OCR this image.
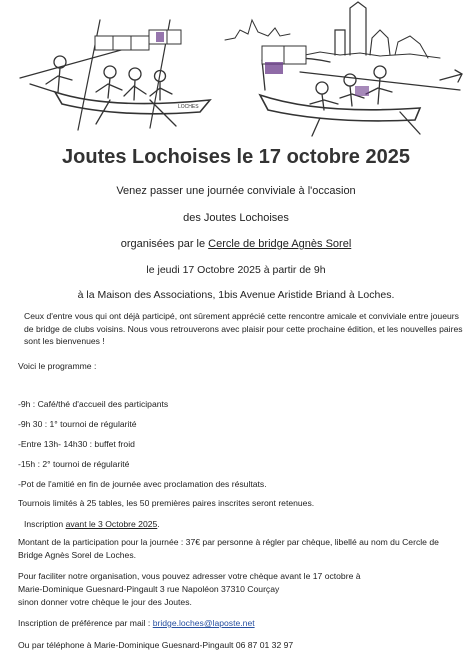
LOCHES
Joutes Lochoises le 17 octobre 2025
Venez passer une journée conviviale à l'occasion
des Joutes Lochoises
organisées par le Cercle de bridge Agnès Sorel
le jeudi 17 Octobre 2025 à partir de 9h
à la Maison des Associations, 1bis Avenue Aristide Briand à Loches.
Ceux d'entre vous qui ont déjà participé, ont sûrement apprécié cette rencontre amicale et conviviale entre joueurs de bridge de clubs voisins. Nous vous retrouverons avec plaisir pour cette prochaine édition, et les nouvelles paires sont les bienvenues !
Voici le programme :
-9h : Café/thé d'accueil des participants
-9h 30 : 1° tournoi de régularité
-Entre 13h- 14h30 : buffet froid
-15h : 2° tournoi de régularité
-Pot de l'amitié en fin de journée avec proclamation des résultats.
Tournois limités à 25 tables, les 50 premières paires inscrites seront retenues.
Inscription avant le 3 Octobre 2025.
Montant de la participation pour la journée : 37€ par personne à régler par chèque, libellé au nom du Cercle de Bridge Agnès Sorel de Loches.
Pour faciliter notre organisation, vous pouvez adresser votre chèque avant le 17 octobre à
Marie-Dominique Guesnard-Pingault 3 rue Napoléon 37310 Courçay
sinon donner votre chèque le jour des Joutes.
Inscription de préférence par mail : bridge.loches@laposte.net
Ou par téléphone à Marie-Dominique Guesnard-Pingault 06 87 01 32 97
